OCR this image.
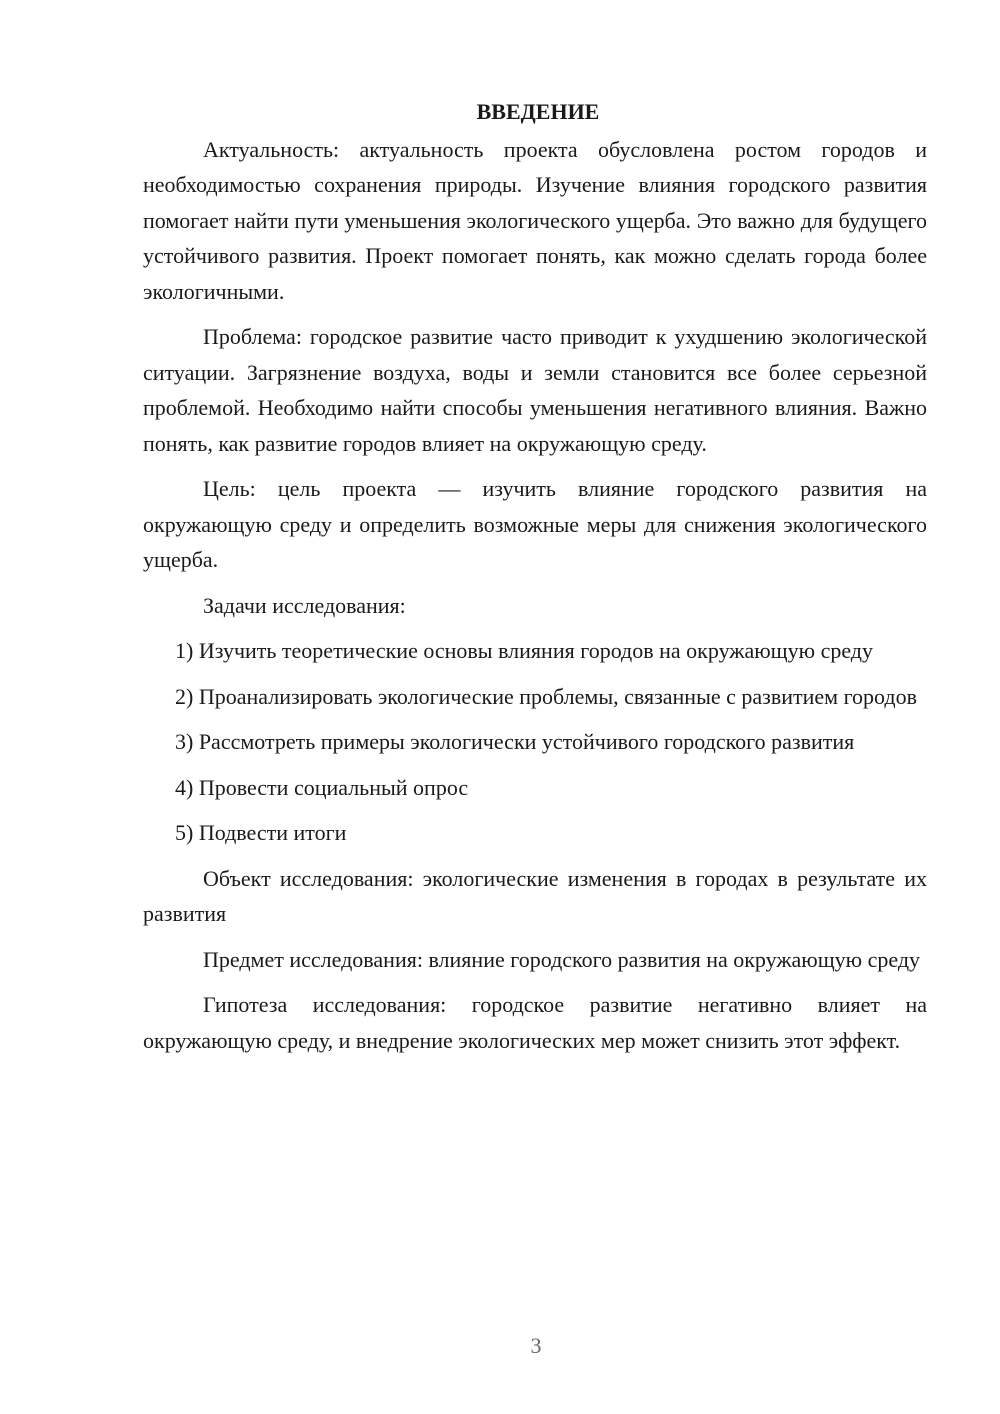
ВВЕДЕНИЕ

Актуальность: актуальность проекта обусловлена ростом городов и необходимостью сохранения природы. Изучение влияния городского развития помогает найти пути уменьшения экологического ущерба. Это важно для будущего устойчивого развития. Проект помогает понять, как можно сделать города более экологичными.

Проблема: городское развитие часто приводит к ухудшению экологической ситуации. Загрязнение воздуха, воды и земли становится все более серьезной проблемой. Необходимо найти способы уменьшения негативного влияния. Важно понять, как развитие городов влияет на окружающую среду.

Цель: цель проекта — изучить влияние городского развития на окружающую среду и определить возможные меры для снижения экологического ущерба.

Задачи исследования:

1) Изучить теоретические основы влияния городов на окружающую среду

2) Проанализировать экологические проблемы, связанные с развитием городов

3) Рассмотреть примеры экологически устойчивого городского развития

4) Провести социальный опрос

5) Подвести итоги

Объект исследования: экологические изменения в городах в результате их развития

Предмет исследования: влияние городского развития на окружающую среду

Гипотеза исследования: городское развитие негативно влияет на окружающую среду, и внедрение экологических мер может снизить этот эффект.

3
